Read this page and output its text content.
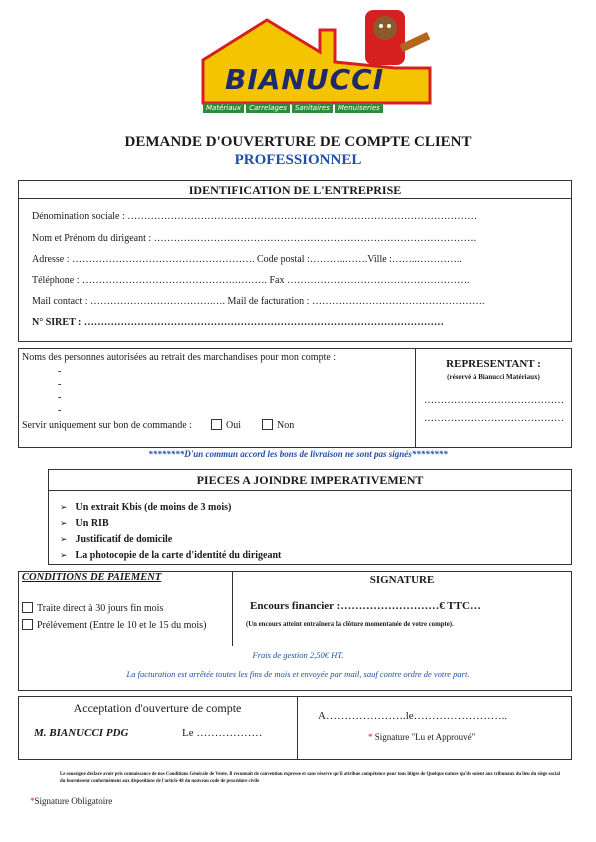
BIANUCCI
Matériaux	Carrelages	Sanitaires	Menuiseries
DEMANDE D'OUVERTURE DE COMPTE CLIENT
PROFESSIONNEL
IDENTIFICATION DE L'ENTREPRISE
Dénomination sociale : ……………………………………………………………………………………………
Nom et Prénom du dirigeant : …………………………………………………………………………………….
Adresse : ………………………………………………. Code postal :………..…….Ville :……..…………..
Téléphone : ……………………………………….………. Fax ……………………………………………….
Mail contact : ……………………………….…. Mail de facturation : …………………………………………….
N° SIRET : ………………………………………………………………………………………………
Noms des personnes autorisées au retrait des marchandises pour mon compte :
-
-
-
-
Servir uniquement sur bon de commande :	Oui	Non
REPRESENTANT :
(réservé à Bianucci Matériaux)
……………………………………
……………………………………
********D'un commun accord les bons de livraison ne sont pas signés********
PIECES A JOINDRE IMPERATIVEMENT
➢ Un extrait Kbis (de moins de 3 mois)
➢ Un RIB
➢ Justificatif de domicile
➢ La photocopie de la carte d'identité du dirigeant
CONDITIONS DE PAIEMENT
Traite direct à 30 jours fin mois
Prélèvement (Entre le 10 et le 15 du mois)
SIGNATURE
Encours financier :………………………€ TTC…
(Un encours atteint entraînera la clôture momentanée de votre compte).
Frais de gestion 2,50€ HT.
La facturation est arrêtée toutes les fins de mois et envoyée par mail, sauf contre ordre de votre part.
Acceptation d'ouverture de compte
M. BIANUCCI PDG	Le ………………
A………………….le……………………..
* Signature "Lu et Approuvé"
Le soussigné déclare avoir pris connaissance de nos Conditions Générale de Vente. Il reconnaît de convention expresse et sans réserve qu'il attribue compétence pour tous litiges de Quelque nature qu'ils soient aux tribunaux du lieu du siège social du fournisseur conformément aux dispositions de l'article 48 du nouveau code de procédure civile
*Signature Obligatoire
